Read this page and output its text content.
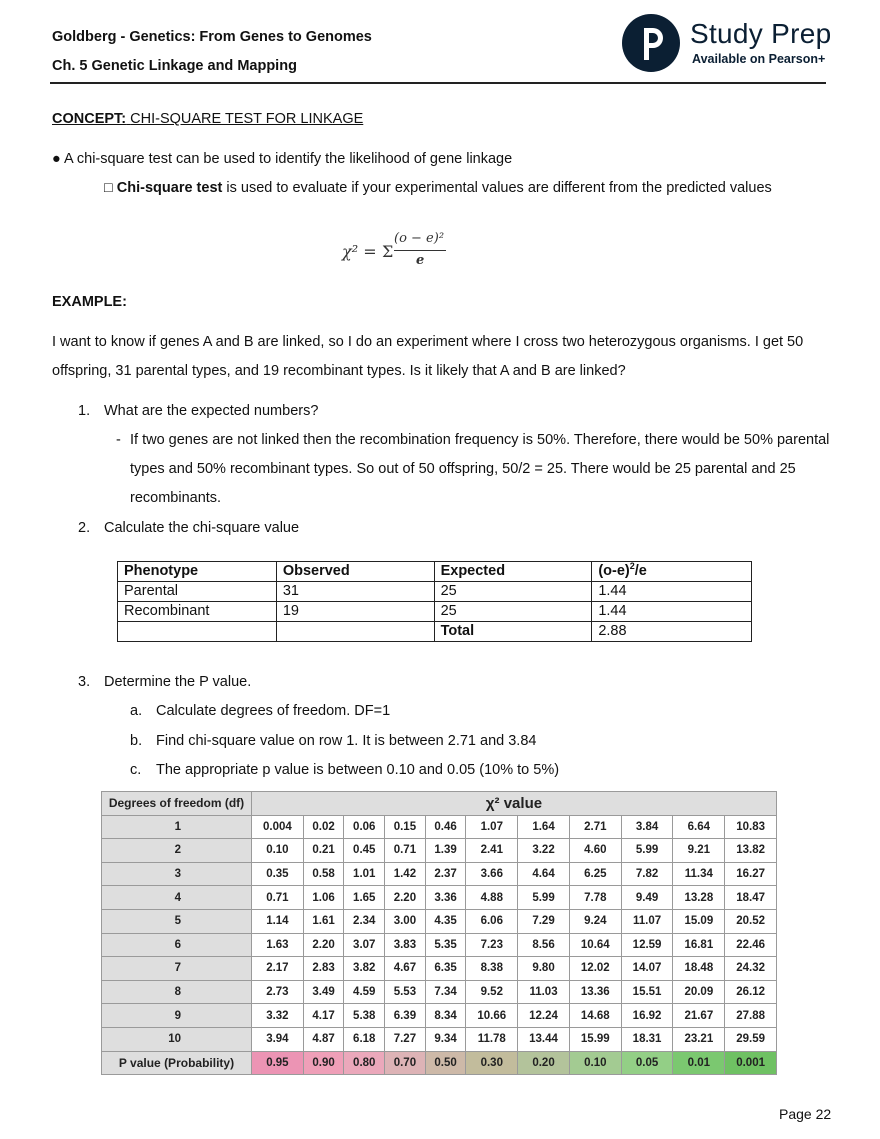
Goldberg - Genetics: From Genes to Genomes
Ch. 5 Genetic Linkage and Mapping
Study Prep
Available on Pearson+
CONCEPT: CHI-SQUARE TEST FOR LINKAGE
● A chi-square test can be used to identify the likelihood of gene linkage
□ Chi-square test is used to evaluate if your experimental values are different from the predicted values
χ² = Σ
(o − e)²
e
EXAMPLE:
I want to know if genes A and B are linked, so I do an experiment where I cross two heterozygous organisms. I get 50
offspring, 31 parental types, and 19 recombinant types. Is it likely that A and B are linked?
1. What are the expected numbers?
- If two genes are not linked then the recombination frequency is 50%. Therefore, there would be 50% parental
types and 50% recombinant types. So out of 50 offspring, 50/2 = 25. There would be 25 parental and 25
recombinants.
2. Calculate the chi-square value
Phenotype	Observed	Expected	$(o-e)^2/e$
Parental	31	25	1.44
Recombinant	19	25	1.44
		Total	2.88
3. Determine the P value.
a. Calculate degrees of freedom. DF=1
b. Find chi-square value on row 1. It is between 2.71 and 3.84
c. The appropriate p value is between 0.10 and 0.05 (10% to 5%)
Degrees of freedom (df)	χ² value										
1	0.004	0.02	0.06	0.15	0.46	1.07	1.64	2.71	3.84	6.64	10.83
2	0.10	0.21	0.45	0.71	1.39	2.41	3.22	4.60	5.99	9.21	13.82
3	0.35	0.58	1.01	1.42	2.37	3.66	4.64	6.25	7.82	11.34	16.27
4	0.71	1.06	1.65	2.20	3.36	4.88	5.99	7.78	9.49	13.28	18.47
5	1.14	1.61	2.34	3.00	4.35	6.06	7.29	9.24	11.07	15.09	20.52
6	1.63	2.20	3.07	3.83	5.35	7.23	8.56	10.64	12.59	16.81	22.46
7	2.17	2.83	3.82	4.67	6.35	8.38	9.80	12.02	14.07	18.48	24.32
8	2.73	3.49	4.59	5.53	7.34	9.52	11.03	13.36	15.51	20.09	26.12
9	3.32	4.17	5.38	6.39	8.34	10.66	12.24	14.68	16.92	21.67	27.88
10	3.94	4.87	6.18	7.27	9.34	11.78	13.44	15.99	18.31	23.21	29.59
P value (Probability)	0.95	0.90	0.80	0.70	0.50	0.30	0.20	0.10	0.05	0.01	0.001
Page 22
